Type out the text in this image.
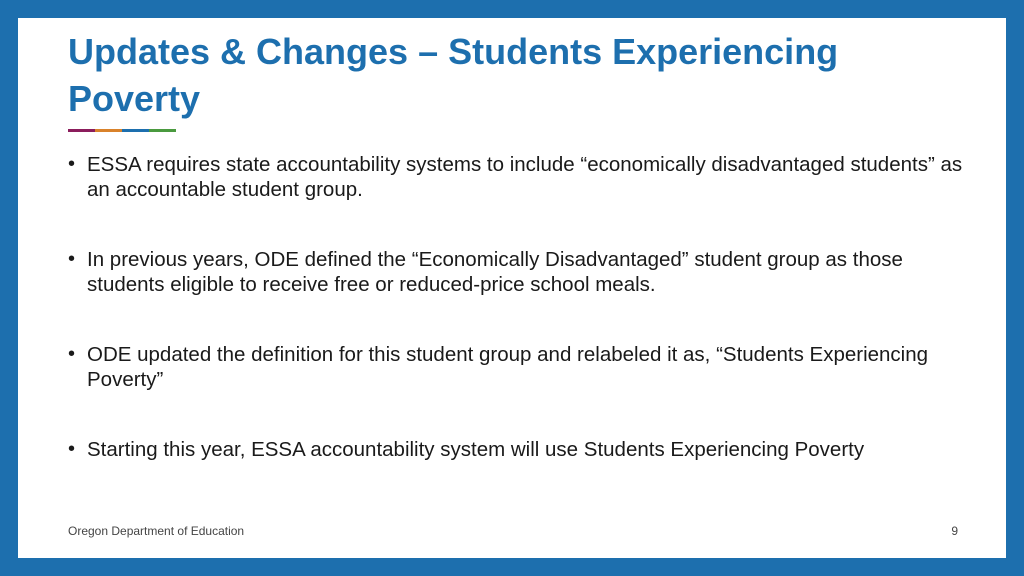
Updates & Changes – Students Experiencing Poverty
• ESSA requires state accountability systems to include “economically disadvantaged students” as an accountable student group.
• In previous years, ODE defined the “Economically Disadvantaged” student group as those students eligible to receive free or reduced-price school meals.
• ODE updated the definition for this student group and relabeled it as, “Students Experiencing Poverty”
• Starting this year, ESSA accountability system will use Students Experiencing Poverty
Oregon Department of Education	9
